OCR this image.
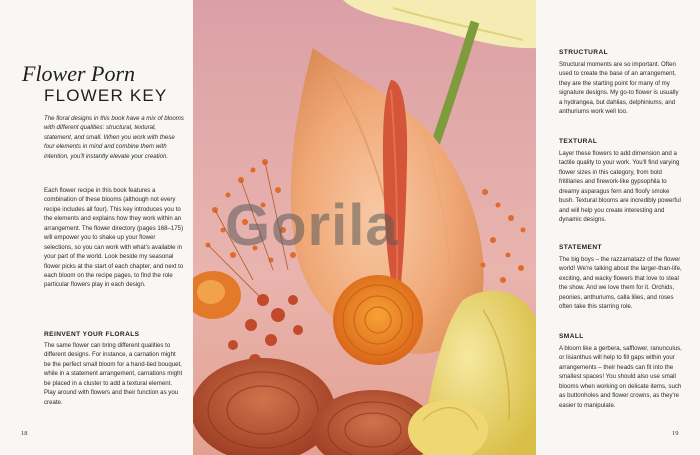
Flower Porn
FLOWER KEY
The floral designs in this book have a mix of blooms with different qualities: structural, textural, statement, and small. When you work with these four elements in mind and combine them with intention, you'll instantly elevate your creation.
Each flower recipe in this book features a combination of these blooms (although not every recipe includes all four). This key introduces you to the elements and explains how they work within an arrangement. The flower directory (pages 168–175) will empower you to shake up your flower selections, so you can work with what's available in your part of the world. Look beside my seasonal flower picks at the start of each chapter, and next to each bloom on the recipe pages, to find the role particular flowers play in each design.
REINVENT YOUR FLORALS
The same flower can bring different qualities to different designs. For instance, a carnation might be the perfect small bloom for a hand-tied bouquet, while in a statement arrangement, carnations might be placed in a cluster to add a textural element. Play around with flowers and their function as you create.
18
Gorila
STRUCTURAL
Structural moments are so important. Often used to create the base of an arrangement, they are the starting point for many of my signature designs. My go-to flower is usually a hydrangea, but dahlias, delphiniums, and anthuriums work well too.
TEXTURAL
Layer these flowers to add dimension and a tactile quality to your work. You'll find varying flower sizes in this category, from bold fritillaries and firework-like gypsophila to dreamy asparagus fern and floofy smoke bush. Textural blooms are incredibly powerful and will help you create interesting and dynamic designs.
STATEMENT
The big boys – the razzamatazz of the flower world! We're talking about the larger-than-life, exciting, and wacky flowers that love to steal the show. And we love them for it. Orchids, peonies, anthuriums, calla lilies, and roses often take this starring role.
SMALL
A bloom like a gerbera, safflower, ranunculus, or lisianthus will help to fill gaps within your arrangements – their heads can fit into the smallest spaces! You should also use small blooms when working on delicate items, such as buttonholes and flower crowns, as they're easier to manipulate.
19
